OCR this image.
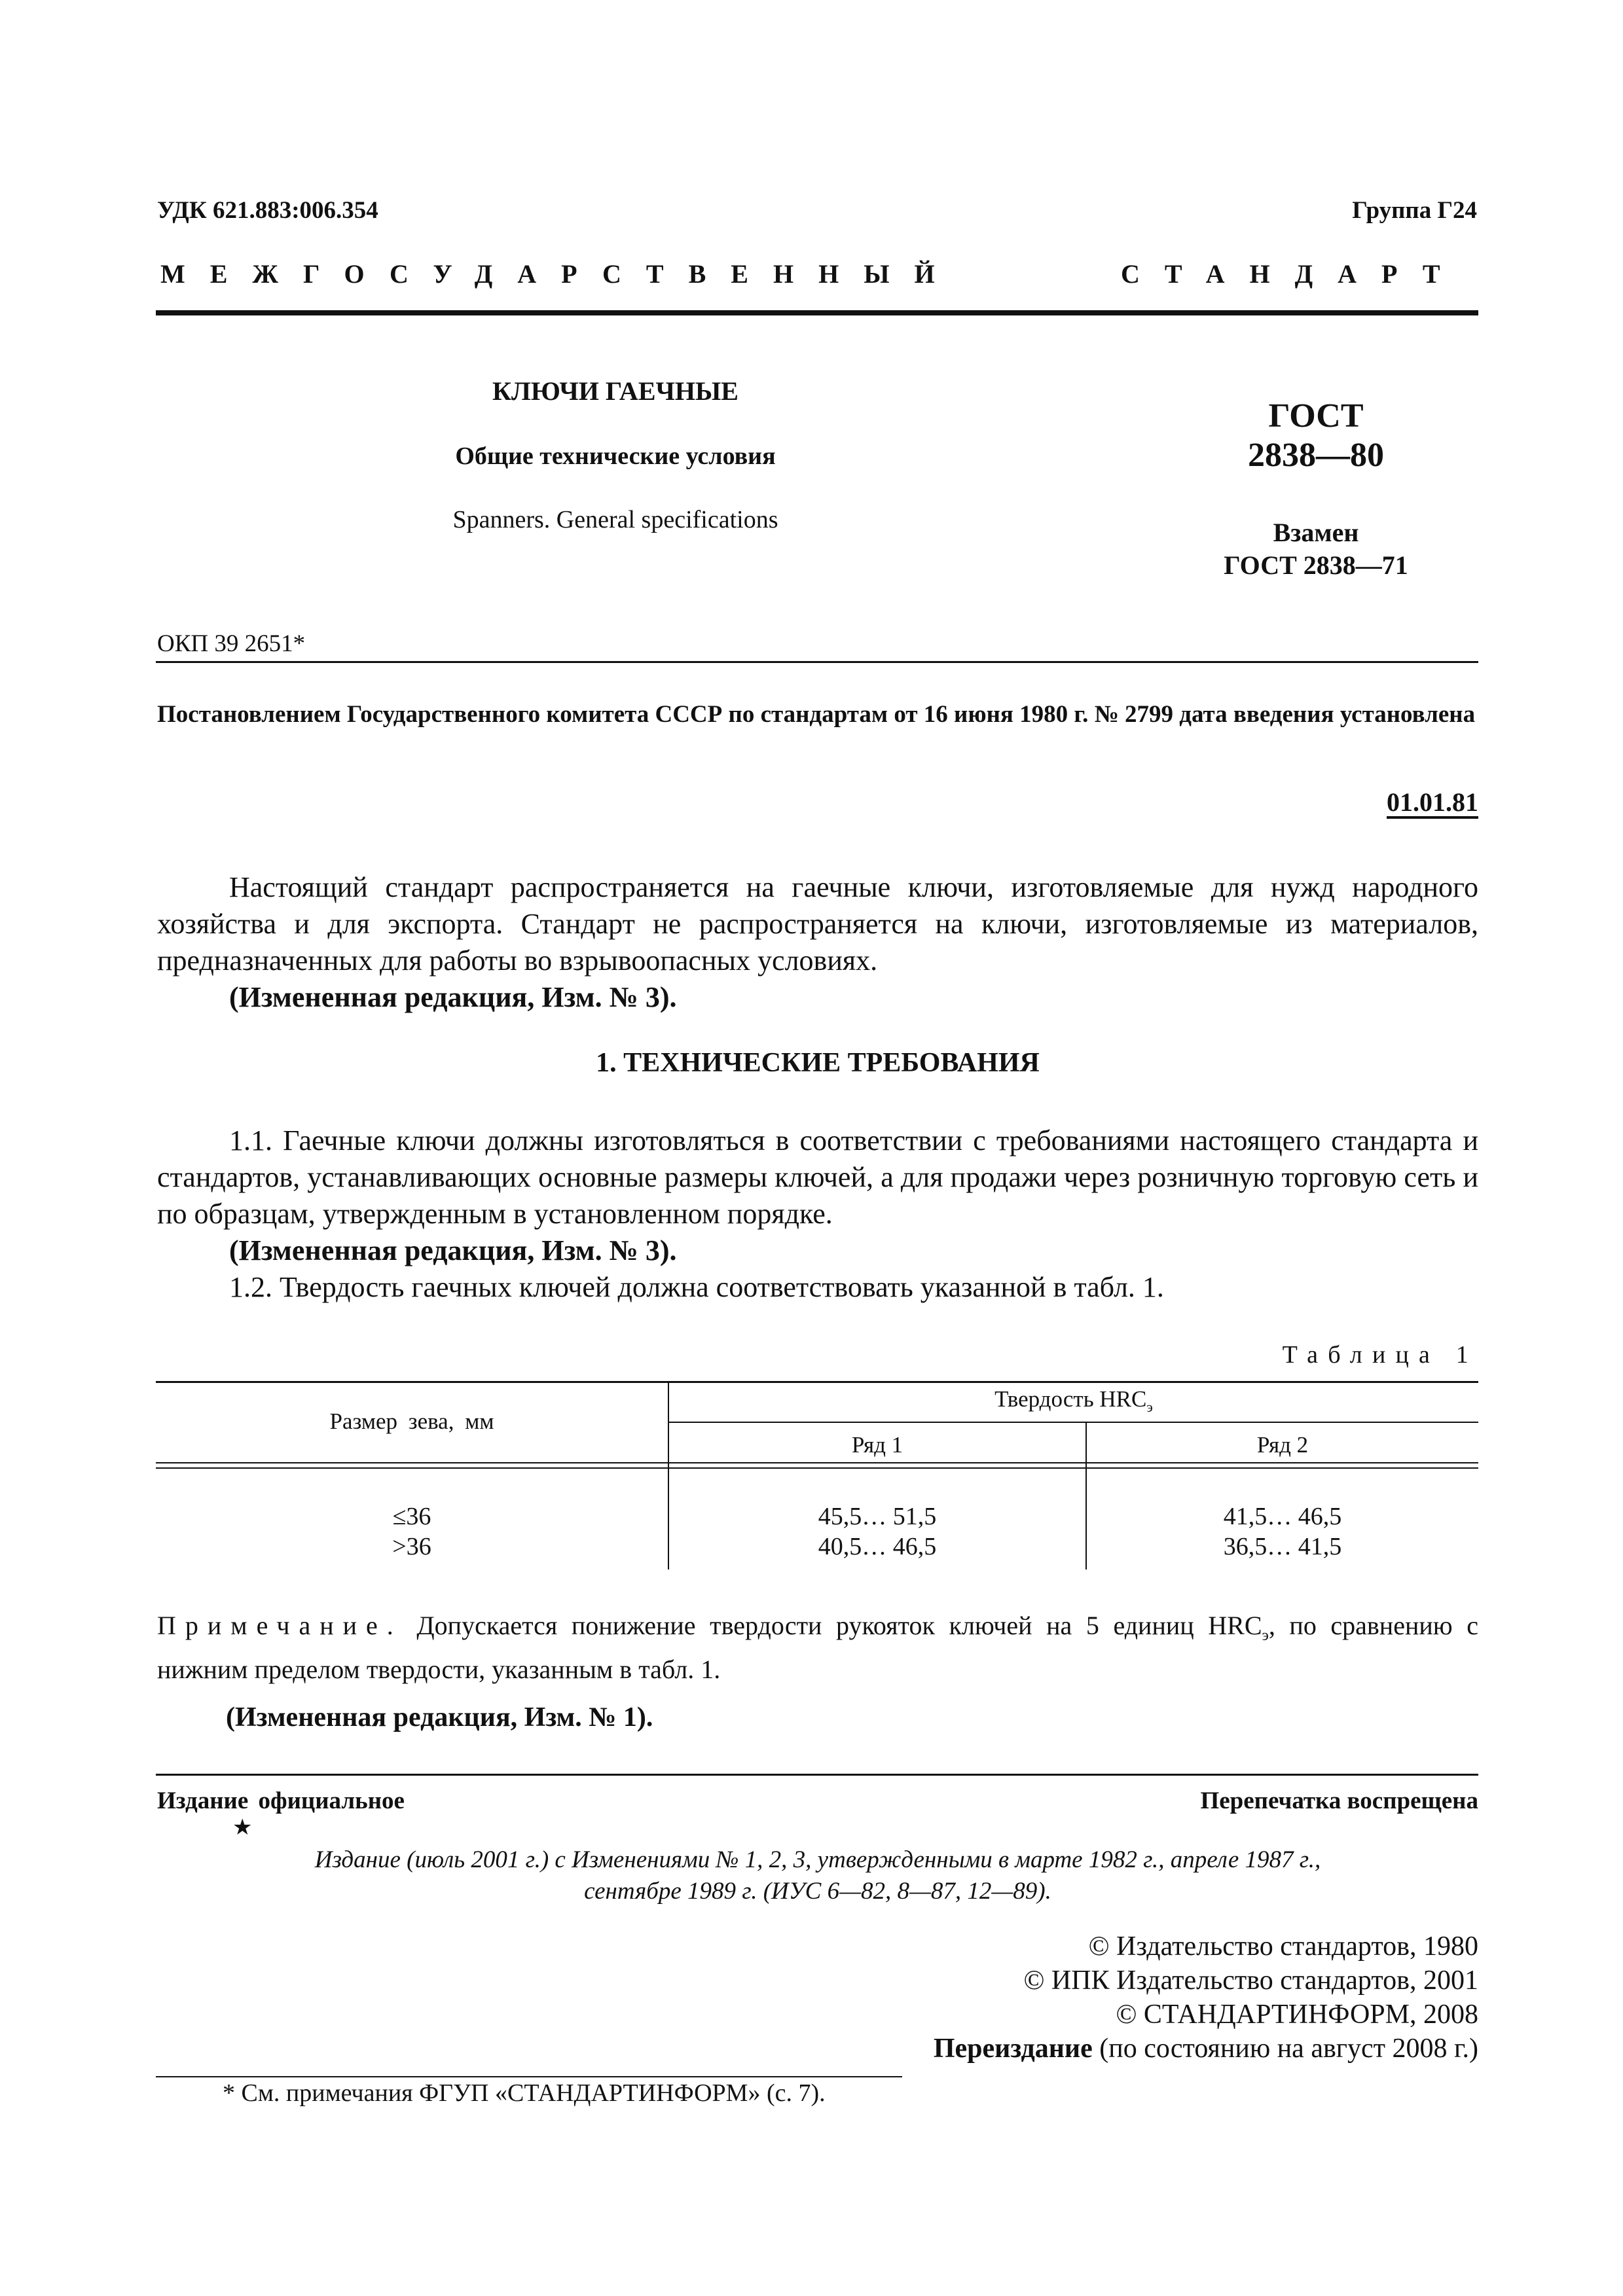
УДК 621.883:006.354	Группа Г24
МЕЖГОСУДАРСТВЕННЫЙ	СТАНДАРТ
КЛЮЧИ ГАЕЧНЫЕ
Общие технические условия
Spanners. General specifications
ГОСТ
2838—80
Взамен
ГОСТ 2838—71
ОКП 39 2651*
Постановлением Государственного комитета СССР по стандартам от 16 июня 1980 г. № 2799 дата введения установлена
01.01.81
Настоящий стандарт распространяется на гаечные ключи, изготовляемые для нужд народного хозяйства и для экспорта. Стандарт не распространяется на ключи, изготовляемые из материалов, предназначенных для работы во взрывоопасных условиях.
(Измененная редакция, Изм. № 3).
1. ТЕХНИЧЕСКИЕ ТРЕБОВАНИЯ
1.1. Гаечные ключи должны изготовляться в соответствии с требованиями настоящего стандарта и стандартов, устанавливающих основные размеры ключей, а для продажи через розничную торговую сеть и по образцам, утвержденным в установленном порядке.
(Измененная редакция, Изм. № 3).
1.2. Твердость гаечных ключей должна соответствовать указанной в табл. 1.
Таблица 1
Размер зева, мм
Твердость $HRC_э$
Ряд 1	Ряд 2
≤36	45,5… 51,5	41,5… 46,5
>36	40,5… 46,5	36,5… 41,5
Примечание. Допускается понижение твердости рукояток ключей на 5 единиц $HRC_э$, по сравнению с нижним пределом твердости, указанным в табл. 1.
(Измененная редакция, Изм. № 1).
Издание официальное	Перепечатка воспрещена
★
Издание (июль 2001 г.) с Изменениями № 1, 2, 3, утвержденными в марте 1982 г., апреле 1987 г.,
сентябре 1989 г. (ИУС 6—82, 8—87, 12—89).
© Издательство стандартов, 1980
© ИПК Издательство стандартов, 2001
© СТАНДАРТИНФОРМ, 2008
Переиздание (по состоянию на август 2008 г.)
* См. примечания ФГУП «СТАНДАРТИНФОРМ» (с. 7).
